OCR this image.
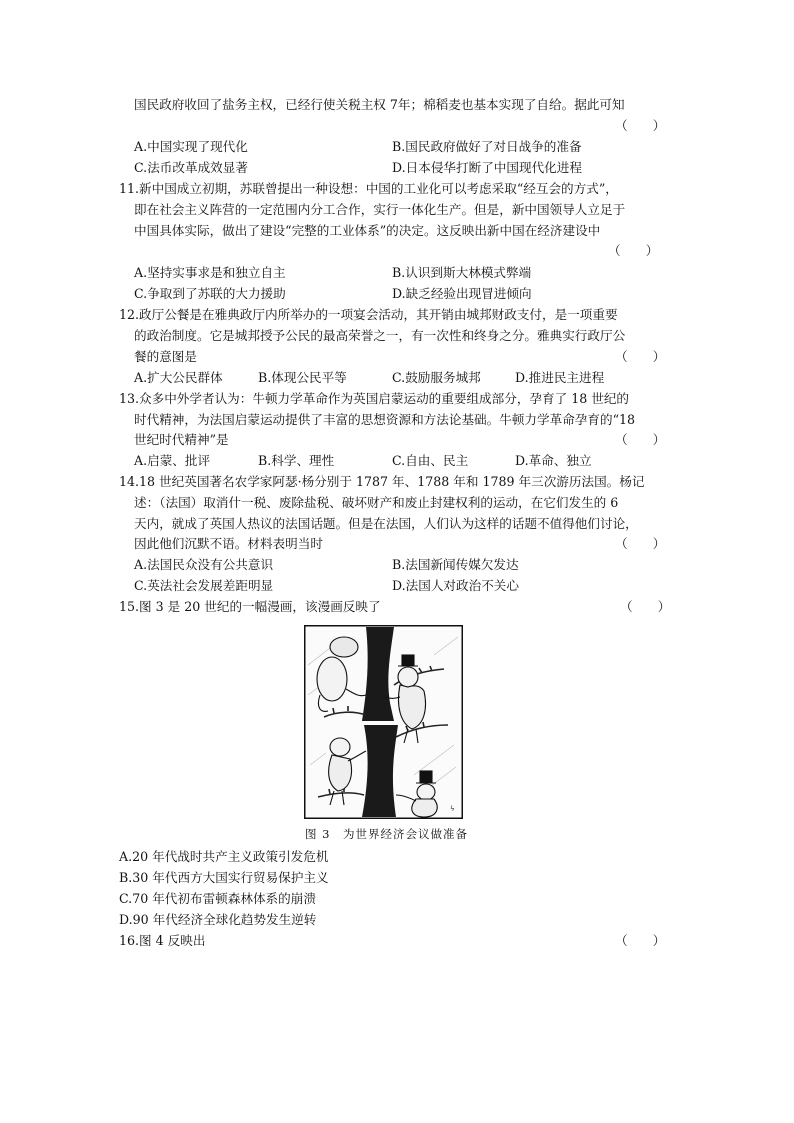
国民政府收回了盐务主权，已经行使关税主权 7年；棉稻麦也基本实现了自给。据此可知
（　　）
A.中国实现了现代化	B.国民政府做好了对日战争的准备
C.法币改革成效显著	D.日本侵华打断了中国现代化进程
11.新中国成立初期，苏联曾提出一种设想：中国的工业化可以考虑采取“经互会的方式”，
即在社会主义阵营的一定范围内分工合作，实行一体化生产。但是，新中国领导人立足于
中国具体实际，做出了建设“完整的工业体系”的决定。这反映出新中国在经济建设中
（　　）
A.坚持实事求是和独立自主	B.认识到斯大林模式弊端
C.争取到了苏联的大力援助	D.缺乏经验出现冒进倾向
12.政厅公餐是在雅典政厅内所举办的一项宴会活动，其开销由城邦财政支付，是一项重要
的政治制度。它是城邦授予公民的最高荣誉之一，有一次性和终身之分。雅典实行政厅公
餐的意图是	（　　）
A.扩大公民群体	B.体现公民平等	C.鼓励服务城邦	D.推进民主进程
13.众多中外学者认为：牛顿力学革命作为英国启蒙运动的重要组成部分，孕育了 18 世纪的
时代精神，为法国启蒙运动提供了丰富的思想资源和方法论基础。牛顿力学革命孕育的“18
世纪时代精神”是	（　　）
A.启蒙、批评	B.科学、理性	C.自由、民主	D.革命、独立
14.18 世纪英国著名农学家阿瑟·杨分别于 1787 年、1788 年和 1789 年三次游历法国。杨记
述：（法国）取消什一税、废除盐税、破坏财产和废止封建权利的运动，在它们发生的 6
天内，就成了英国人热议的法国话题。但是在法国，人们认为这样的话题不值得他们讨论，
因此他们沉默不语。材料表明当时	（　　）
A.法国民众没有公共意识	B.法国新闻传媒欠发达
C.英法社会发展差距明显	D.法国人对政治不关心
15.图 3 是 20 世纪的一幅漫画，该漫画反映了	（　　）
ϟ
图 3　为世界经济会议做准备
A.20 年代战时共产主义政策引发危机
B.30 年代西方大国实行贸易保护主义
C.70 年代初布雷顿森林体系的崩溃
D.90 年代经济全球化趋势发生逆转
16.图 4 反映出	（　　）
